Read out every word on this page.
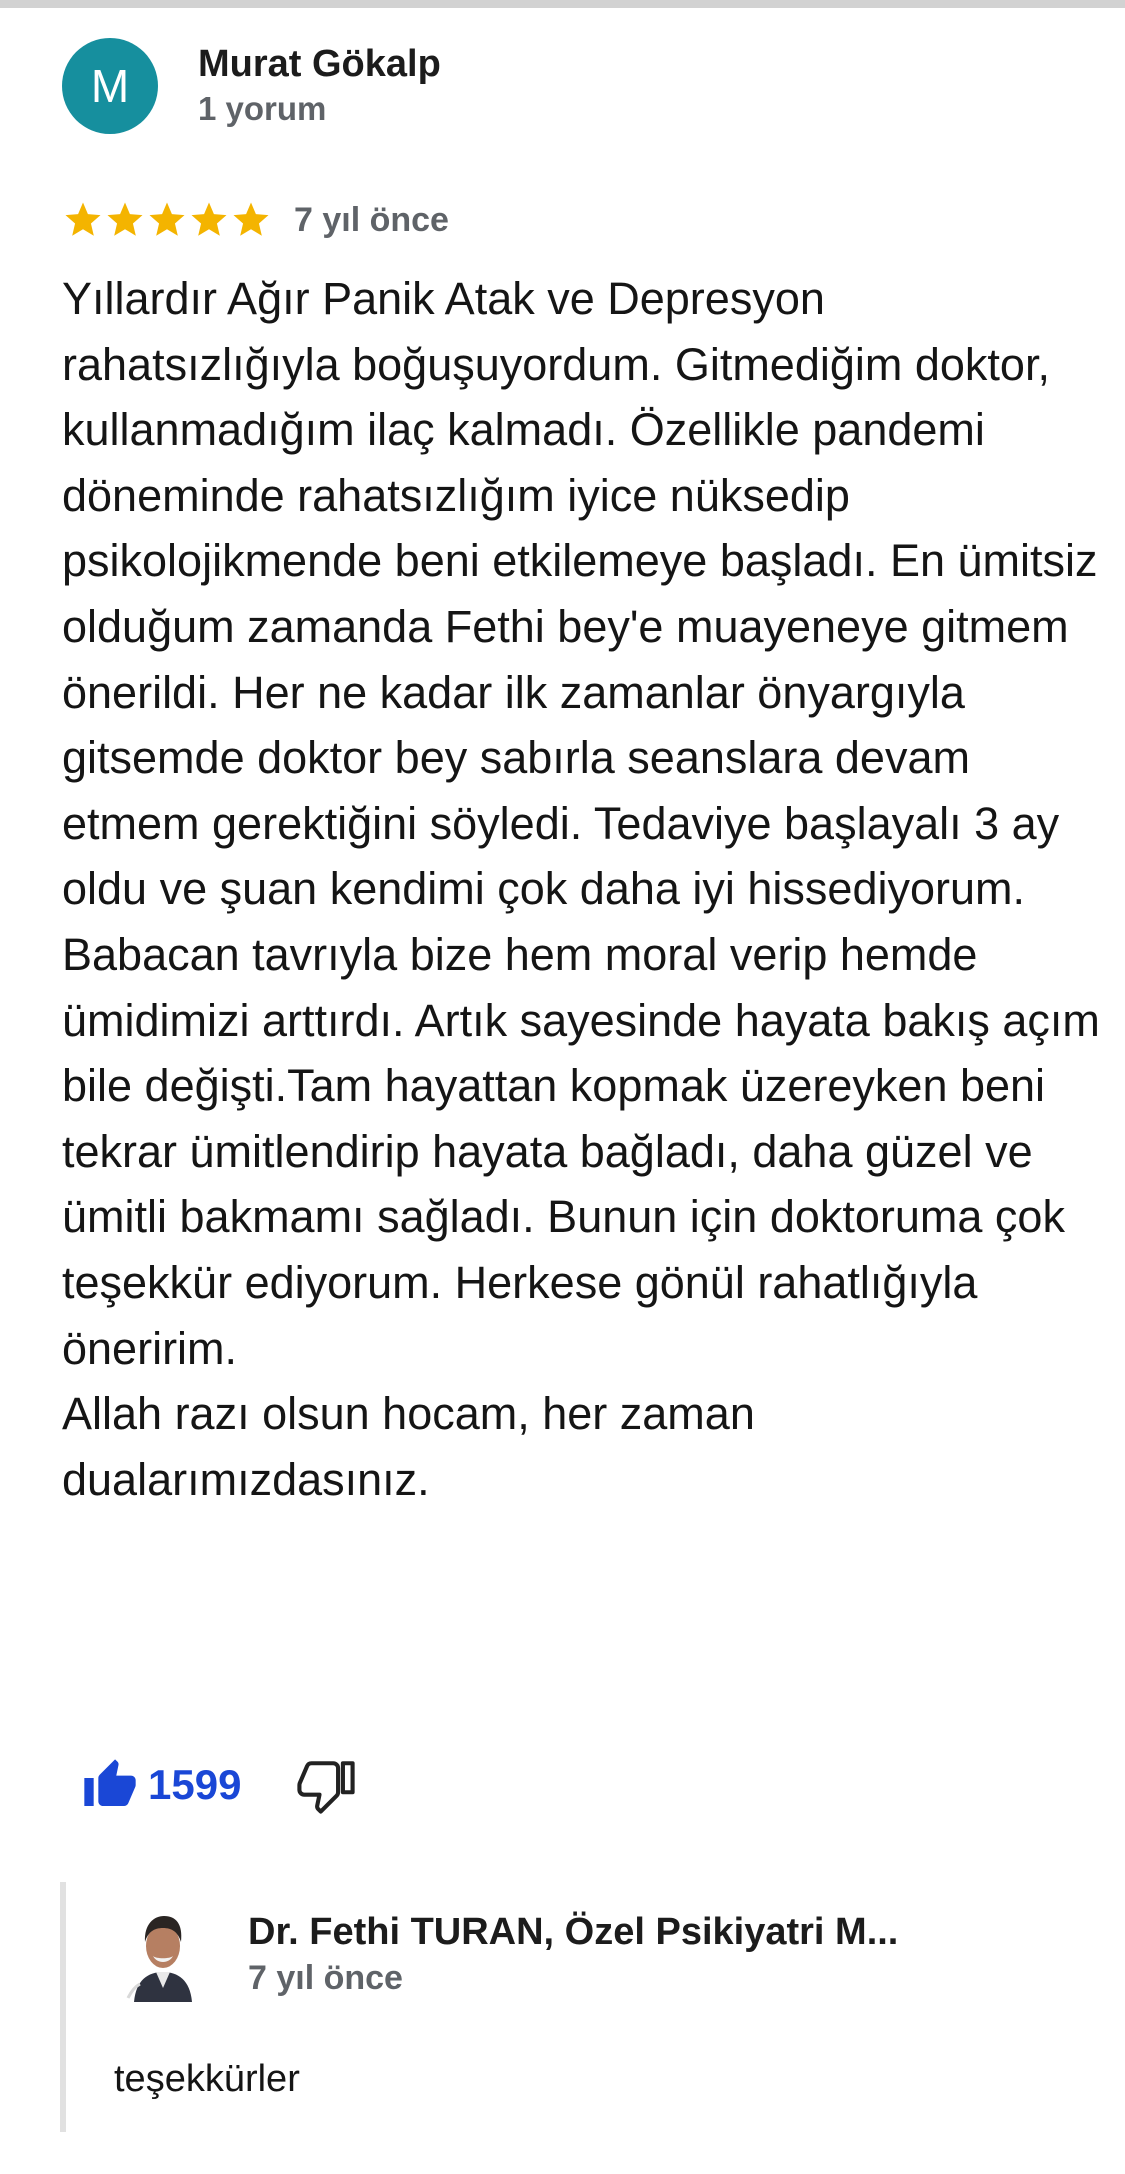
M Murat Gökalp
1 yorum
7 yıl önce
Yıllardır Ağır Panik Atak ve Depresyon rahatsızlığıyla boğuşuyordum. Gitmediğim doktor, kullanmadığım ilaç kalmadı. Özellikle pandemi döneminde rahatsızlığım iyice nüksedip psikolojikmende beni etkilemeye başladı. En ümitsiz olduğum zamanda Fethi bey'e muayeneye gitmem önerildi. Her ne kadar ilk zamanlar önyargıyla gitsemde doktor bey sabırla seanslara devam etmem gerektiğini söyledi. Tedaviye başlayalı 3 ay oldu ve şuan kendimi çok daha iyi hissediyorum. Babacan tavrıyla bize hem moral verip hemde ümidimizi arttırdı. Artık sayesinde hayata bakış açım bile değişti.Tam hayattan kopmak üzereyken beni tekrar ümitlendirip hayata bağladı, daha güzel ve ümitli bakmamı sağladı. Bunun için doktoruma çok teşekkür ediyorum. Herkese gönül rahatlığıyla öneririm.
Allah razı olsun hocam, her zaman dualarımızdasınız.
1599
Dr. Fethi TURAN, Özel Psikiyatri M...
7 yıl önce
teşekkürler
